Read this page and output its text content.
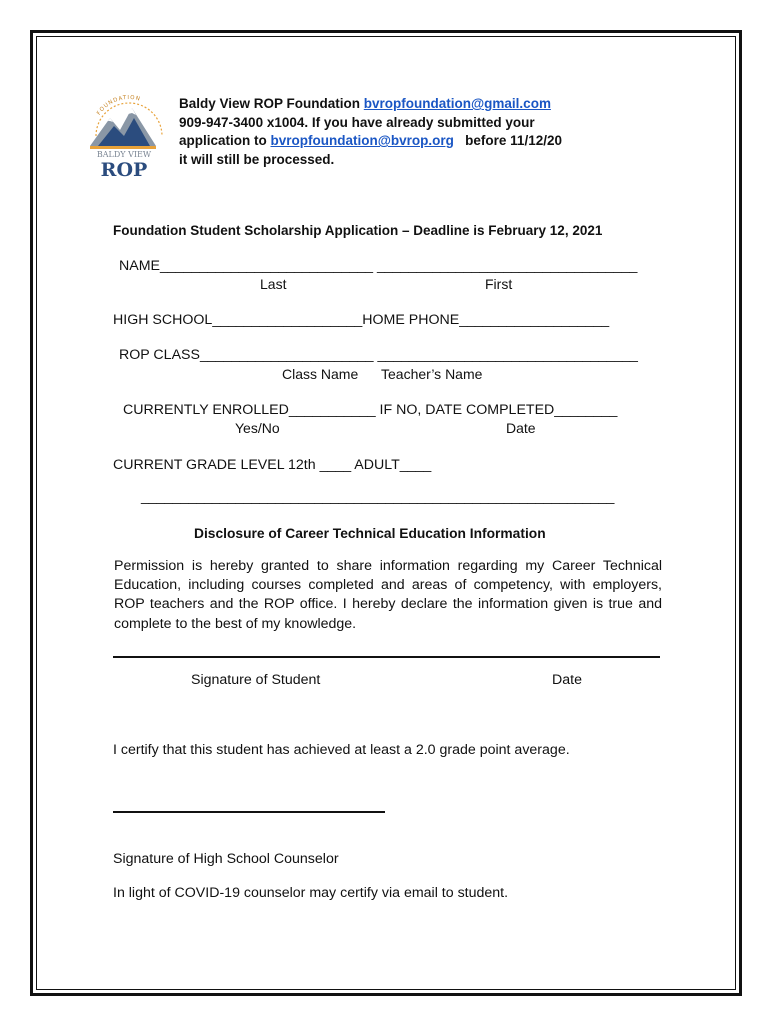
FOUNDATION
BALDY VIEW
ROP
Baldy View ROP Foundation bvropfoundation@gmail.com
909-947-3400 x1004. If you have already submitted your
application to bvropfoundation@bvrop.org   before 11/12/20
it will still be processed.
Foundation Student Scholarship Application – Deadline is February 12, 2021
NAME___________________________ _________________________________
Last	First
HIGH SCHOOL___________________HOME PHONE___________________
ROP CLASS______________________ _________________________________
Class Name Teacher’s Name
CURRENTLY ENROLLED___________ IF NO, DATE COMPLETED________
Yes/No	Date
CURRENT GRADE LEVEL 12th ____ ADULT____
____________________________________________________________
Disclosure of Career Technical Education Information
Permission is hereby granted to share information regarding my Career Technical Education, including courses completed and areas of competency, with employers, ROP teachers and the ROP office. I hereby declare the information given is true and complete to the best of my knowledge.
Signature of Student	Date
I certify that this student has achieved at least a 2.0 grade point average.
Signature of High School Counselor
In light of COVID-19 counselor may certify via email to student.
